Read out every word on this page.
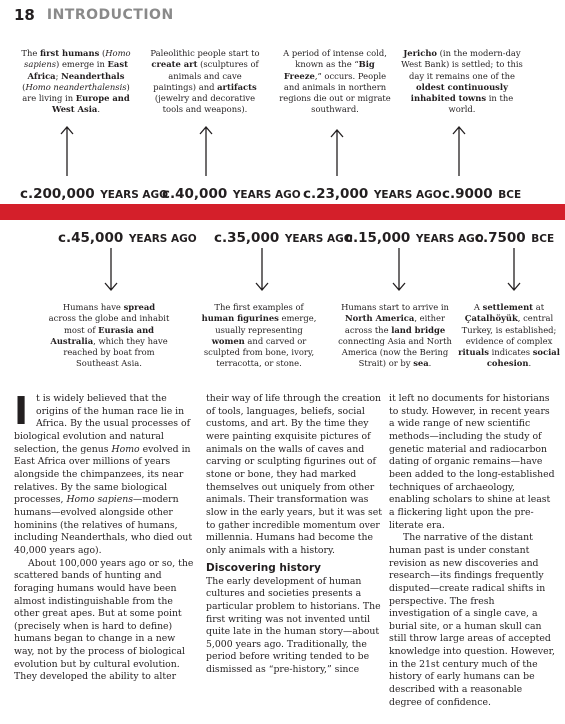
18 INTRODUCTION
The first humans (Homo sapiens) emerge in East Africa; Neanderthals (Homo neanderthalensis) are living in Europe and West Asia.
Paleolithic people start to create art (sculptures of animals and cave paintings) and artifacts (jewelry and decorative tools and weapons).
A period of intense cold, known as the “Big Freeze,” occurs. People and animals in northern regions die out or migrate southward.
Jericho (in the modern-day West Bank) is settled; to this day it remains one of the oldest continuously inhabited towns in the world.
c.200,000 YEARS AGO
c.40,000 YEARS AGO c.23,000 YEARS AGO c.9000 BCE
c.45,000 YEARS AGO c.35,000 YEARS AGO
c.15,000 YEARS AGO
c.7500 BCE
Humans have spread across the globe and inhabit most of Eurasia and Australia, which they have reached by boat from Southeast Asia.
The first examples of human figurines emerge, usually representing women and carved or sculpted from bone, ivory, terracotta, or stone.
Humans start to arrive in North America, either across the land bridge connecting Asia and North America (now the Bering Strait) or by sea.
A settlement at Çatalhöyük, central Turkey, is established; evidence of complex rituals indicates social cohesion.

It is widely believed that the origins of the human race lie in Africa. By the usual processes of biological evolution and natural selection, the genus Homo evolved in East Africa over millions of years alongside the chimpanzees, its near relatives. By the same biological processes, Homo sapiens—modern humans—evolved alongside other hominins (the relatives of humans, including Neanderthals, who died out 40,000 years ago).

About 100,000 years ago or so, the scattered bands of hunting and foraging humans would have been almost indistinguishable from the other great apes. But at some point (precisely when is hard to define) humans began to change in a new way, not by the process of biological evolution but by cultural evolution. They developed the ability to alter

their way of life through the creation of tools, languages, beliefs, social customs, and art. By the time they were painting exquisite pictures of animals on the walls of caves and carving or sculpting figurines out of stone or bone, they had marked themselves out uniquely from other animals. Their transformation was slow in the early years, but it was set to gather incredible momentum over millennia. Humans had become the only animals with a history.

Discovering history

The early development of human cultures and societies presents a particular problem to historians. The first writing was not invented until quite late in the human story—about 5,000 years ago. Traditionally, the period before writing tended to be dismissed as “pre-history,” since

it left no documents for historians to study. However, in recent years a wide range of new scientific methods—including the study of genetic material and radiocarbon dating of organic remains—have been added to the long-established techniques of archaeology, enabling scholars to shine at least a flickering light upon the pre-literate era.

The narrative of the distant human past is under constant revision as new discoveries and research—its findings frequently disputed—create radical shifts in perspective. The fresh investigation of a single cave, a burial site, or a human skull can still throw large areas of accepted knowledge into question. However, in the 21st century much of the history of early humans can be described with a reasonable degree of confidence.
